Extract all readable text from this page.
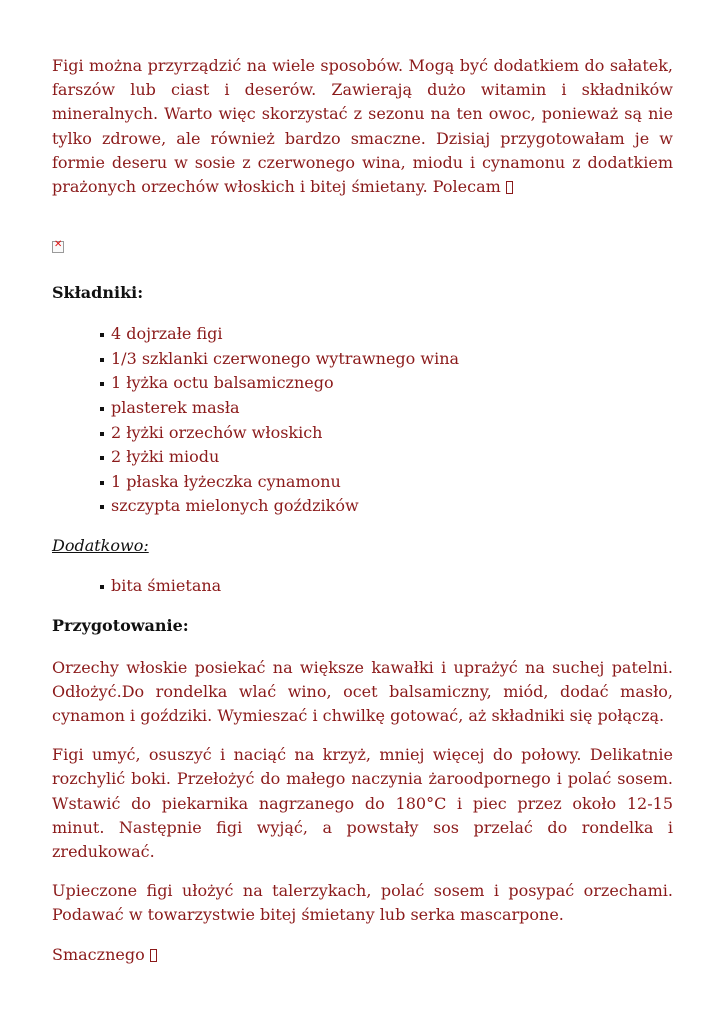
Figi można przyrządzić na wiele sposobów. Mogą być dodatkiem do sałatek, farszów lub ciast i deserów. Zawierają dużo witamin i składników mineralnych. Warto więc skorzystać z sezonu na ten owoc, ponieważ są nie tylko zdrowe, ale również bardzo smaczne. Dzisiaj przygotowałam je w formie deseru w sosie z czerwonego wina, miodu i cynamonu z dodatkiem prażonych orzechów włoskich i bitej śmietany. Polecam

✕

Składniki:

4 dojrzałe figi
1/3 szklanki czerwonego wytrawnego wina
1 łyżka octu balsamicznego
plasterek masła
2 łyżki orzechów włoskich
2 łyżki miodu
1 płaska łyżeczka cynamonu
szczypta mielonych goździków

Dodatkowo:

bita śmietana

Przygotowanie:

Orzechy włoskie posiekać na większe kawałki i uprażyć na suchej patelni. Odłożyć.Do rondelka wlać wino, ocet balsamiczny, miód, dodać masło, cynamon i goździki. Wymieszać i chwilkę gotować, aż składniki się połączą.

Figi umyć, osuszyć i naciąć na krzyż, mniej więcej do połowy. Delikatnie rozchylić boki. Przełożyć do małego naczynia żaroodpornego i polać sosem. Wstawić do piekarnika nagrzanego do 180°C i piec przez około 12-15 minut. Następnie figi wyjąć, a powstały sos przelać do rondelka i zredukować.

Upieczone figi ułożyć na talerzykach, polać sosem i posypać orzechami. Podawać w towarzystwie bitej śmietany lub serka mascarpone.

Smacznego
